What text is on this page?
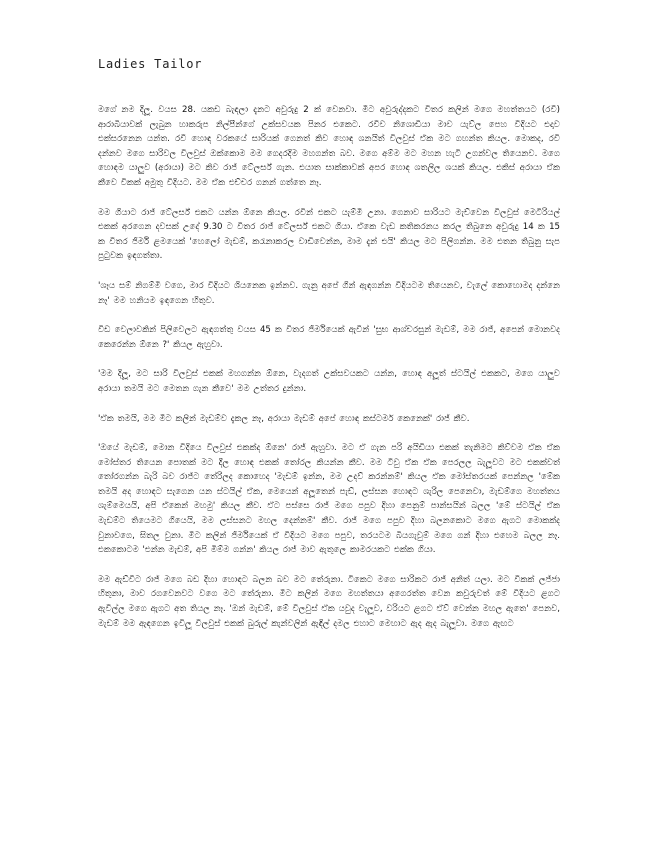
Ladies Tailor

මගේ නම දිලූ. වයස 28. යකඩ බැඳලා දැනට අවුරුදු 2 ක් වෙනවා. මීට අවුරුද්දකට විතර කලින් මගෙ මහත්තයට (රවී) ආරාබියාවක් ලැබුන හාකරුප නිල්පීන්ගේ උක්සවයක පිනර එකෙට. රවිව නිශොඩියා මාව යැව්ල පෙහ විදියට එදාව එක්සරනෙන යන්ත. රවි හොඳ වරකයේ සාරියක් ගෙනත් කිව හොඳ ශනයිත් විලවුස් ඒක මට ගහන්ත කියල. මොකද, රවි දන්නව මගෙ සාරිවල විලවුස් ඔක්කොම මම ගෙදරදිම මහගන්ත බව. මගෙ අම්ම මට මහන හැටි උගන්වල තියෙනව. මගෙ හොඳම යාලුව (අරායා) මට කිව රාජ් ටේලර්ස් ගැන. එයාත සාක්කාවක් අපර හොඳ ශතලිල ශයක් කියල. එකිස් අරායා ඒක කීවෙ විකක් අමුතු විදියට. මම ඒක එච්චර ගනන් ගත්තෙ නෑ.

මම ගියාට රාජ් ටේලර්ස් එකට යන්න ඕනෙ කියල. රවින් එකට යැම්මි උනා. ගෙනාව සාරියට මැච්වෙන විලවුස් මෙටිරියල් එකක් අරගෙන දවසක් උදේ 9.30 ට විතර රාජ් ටේලර්ස් එකට ගියා. ඒකෙ වැඩ කතිකරනය කරල තිබුනෙ අවුරුදු 14 ක 15 ක විතර ජිර්මි ළමයෙක් 'හෙලෝ මැඩම්, කරැනාකරල වාඩිවෙන්න, මාම දැන් එයි' කියල මට පිලිගන්න. මම එතන තිබුනු සැප පුටුවක ඉඳගත්තා.

'ශෑය සම් නිගම්මි වගෙ, මාර විදියට ශියනෙක ඉන්නව. ගැනු අපේ ගින් ඇඳගන්න විදියටම තියෙනව, වැලේ කොහොමද දන්නෙ නෑ' මම හනියම ඉඳගෙන හිතුව.

විඩ වෙලාවකින් පිලිවෙලට ඇඳගත්තු වයස 45 ක විතර ජිර්මියෙක් ඇවින් 'සුභ ආශ්චරසුන් මැඩම්, මම රාජ්, අපෙන් මොනවද කෙරෙන්න ඕනෙ ?' කියල ඇහුවා.

'මම දිලූ, මට සාරි විලවුස් එකක් මහගන්න ඕනෙ, වැදගත් උක්සවයකට යන්න, හොඳ අලූත් ස්ටයිල් එකකට, මගෙ යාලුව අරායා තමයි මට මෙතන ගැන කීවෙ' මම උත්තර දුන්නා.

'ඒක තමයි, මම මීට කලින් මැඩම්ව දැකල නෑ, අරායා මැඩම් අපේ හොඳ කස්ටමර් කෙනෙක්' රාජ් කීව.

'ඔයේ මැඩම්, මොන විදියෙ විලවුස් එකක්ද ඕනෙ' රාජ් ඇහුවා. මට ඒ ගැන පරි අයිඩියා එකක් තැනිමට කිව්වම ඒක ඒක මෝස්තර තියෙන පොතක් මට දීල හොඳ එකක් තෝරල කියන්න කීව. මම ටිවු ඒක ඒක පෙරලල බැලූවට මට එකක්වත් තෝරගන්න බැරි බව රාජ්ට තේරිලද කොහෙද 'මැඩම් ඉන්න, මම උදව් කරන්නම්' කියල ඒක මෝස්තරයක් පෙන්නල 'මේක තමයි අද හොඳට සැගෙන යන ස්ටයිල් ඒක, මෙයෙන් අලූතෙන් පැඩ්, ලස්සන හොඳට ශැරිල පෙනෙවා, මැඩම්ගෙ මහත්තය ශැම්මෙයයි, අපි ඒකෙන් මහමු' කියල කීව. ඒට පස්සෙ රාජ් මගෙ පපුව දිහා පෙනුම් පාන්සයින් බලල 'මේ ස්ටයිල් ඒක මැඩම්ට තියෙමට ගියෙයි, මම ලස්සනට මහල දෙන්නම්' කීව. රාජ් මගෙ පපුව දිහා බලනකොට මගෙ ඇගට මොකක්ද වුනාවගෙ, ඝිතල වුනා. මීට කලින් ජිර්මියෙක් ඒ විදියට මගෙ පපුව, තරයටම බියගැවුම් මගෙ ගන් දිහා එහෙම බලල නෑ. එකකොටම 'එන්න මැඩම්, අපි මිම්ම ගන්න' කියල රාජ් මාව ඇතුලෙ කාමරයකට එක්ක ගියා.

මම ඇඩ්වීට රාජ් මගෙ බඩ දිහා හොඳට බලන බව මට තේරුනා. ටිකෙට මගෙ සාරිකට රාජ් අනිත් යලා. මට විකක් ලජ්ජා හිතුනා, මාව රගවෙනවට වගෙ මට තේරුනා. මීට කලින් මගෙ මහත්තයා අගෙරත්ත වෙන කවුරුවත් මේ විදියට ළගට ඇවිල්ල මගෙ ඇගට අත තියල නෑ. 'ඔන් මැඩම්, මේ විලවුස් ඒක යවුද වැලූව, වරියට ළගට ඒව් වෙන්න මහල ඇතෙ' පෙනව, මැඩම් මම ඇඳගෙන ඉවිලූ විලවුස් එකක් බුරුල් කැන්වලින් ඇඳිල් දමල එහාට මෙහාට ඇද ඇද බැලූවා. මගෙ ඇඟට
